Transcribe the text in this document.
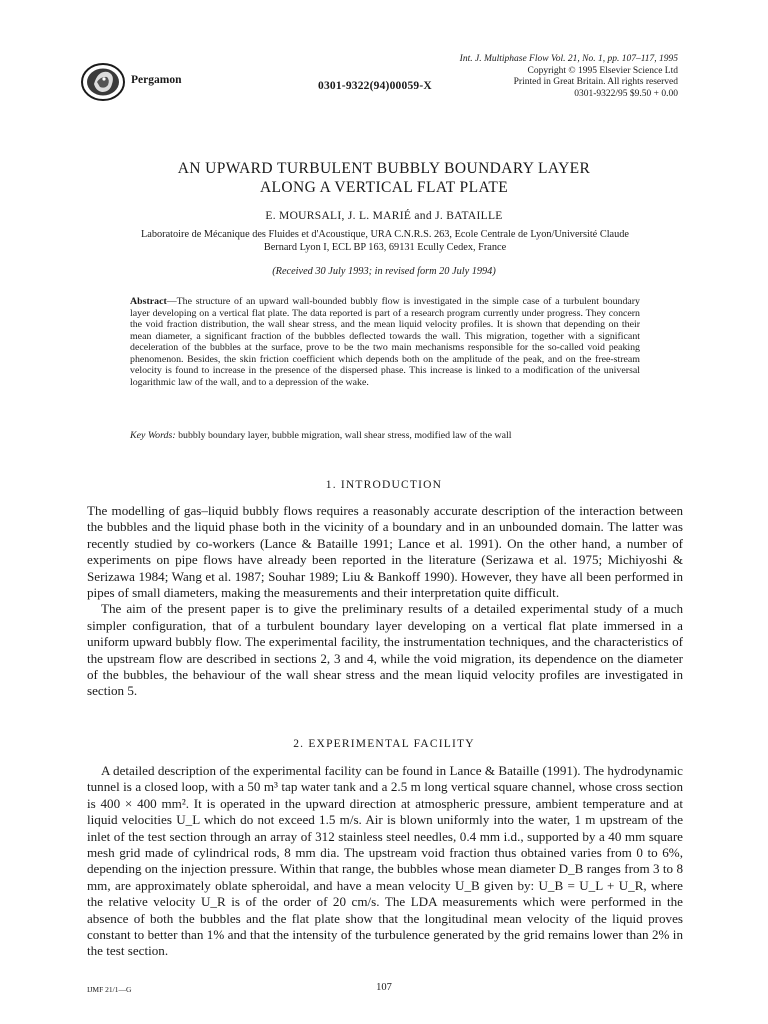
Pergamon	0301-9322(94)00059-X
Int. J. Multiphase Flow Vol. 21, No. 1, pp. 107–117, 1995
Copyright © 1995 Elsevier Science Ltd
Printed in Great Britain. All rights reserved
0301-9322/95 $9.50 + 0.00
AN UPWARD TURBULENT BUBBLY BOUNDARY LAYER
ALONG A VERTICAL FLAT PLATE
E. MOURSALI, J. L. MARIÉ and J. BATAILLE
Laboratoire de Mécanique des Fluides et d'Acoustique, URA C.N.R.S. 263, Ecole Centrale de Lyon/Université Claude Bernard Lyon I, ECL BP 163, 69131 Ecully Cedex, France
(Received 30 July 1993; in revised form 20 July 1994)
Abstract—The structure of an upward wall-bounded bubbly flow is investigated in the simple case of a turbulent boundary layer developing on a vertical flat plate. The data reported is part of a research program currently under progress. They concern the void fraction distribution, the wall shear stress, and the mean liquid velocity profiles. It is shown that depending on their mean diameter, a significant fraction of the bubbles deflected towards the wall. This migration, together with a significant deceleration of the bubbles at the surface, prove to be the two main mechanisms responsible for the so-called void peaking phenomenon. Besides, the skin friction coefficient which depends both on the amplitude of the peak, and on the free-stream velocity is found to increase in the presence of the dispersed phase. This increase is linked to a modification of the universal logarithmic law of the wall, and to a depression of the wake.
Key Words: bubbly boundary layer, bubble migration, wall shear stress, modified law of the wall
1. INTRODUCTION

The modelling of gas–liquid bubbly flows requires a reasonably accurate description of the interaction between the bubbles and the liquid phase both in the vicinity of a boundary and in an unbounded domain. The latter was recently studied by co-workers (Lance & Bataille 1991; Lance et al. 1991). On the other hand, a number of experiments on pipe flows have already been reported in the literature (Serizawa et al. 1975; Michiyoshi & Serizawa 1984; Wang et al. 1987; Souhar 1989; Liu & Bankoff 1990). However, they have all been performed in pipes of small diameters, making the measurements and their interpretation quite difficult.

The aim of the present paper is to give the preliminary results of a detailed experimental study of a much simpler configuration, that of a turbulent boundary layer developing on a vertical flat plate immersed in a uniform upward bubbly flow. The experimental facility, the instrumentation techniques, and the characteristics of the upstream flow are described in sections 2, 3 and 4, while the void migration, its dependence on the diameter of the bubbles, the behaviour of the wall shear stress and the mean liquid velocity profiles are investigated in section 5.

2. EXPERIMENTAL FACILITY

A detailed description of the experimental facility can be found in Lance & Bataille (1991). The hydrodynamic tunnel is a closed loop, with a 50 m³ tap water tank and a 2.5 m long vertical square channel, whose cross section is 400 × 400 mm². It is operated in the upward direction at atmospheric pressure, ambient temperature and at liquid velocities U_L which do not exceed 1.5 m/s. Air is blown uniformly into the water, 1 m upstream of the inlet of the test section through an array of 312 stainless steel needles, 0.4 mm i.d., supported by a 40 mm square mesh grid made of cylindrical rods, 8 mm dia. The upstream void fraction thus obtained varies from 0 to 6%, depending on the injection pressure. Within that range, the bubbles whose mean diameter D_B ranges from 3 to 8 mm, are approximately oblate spheroidal, and have a mean velocity U_B given by: U_B = U_L + U_R, where the relative velocity U_R is of the order of 20 cm/s. The LDA measurements which were performed in the absence of both the bubbles and the flat plate show that the longitudinal mean velocity of the liquid proves constant to better than 1% and that the intensity of the turbulence generated by the grid remains lower than 2% in the test section.

IJMF 21/1—G	107
